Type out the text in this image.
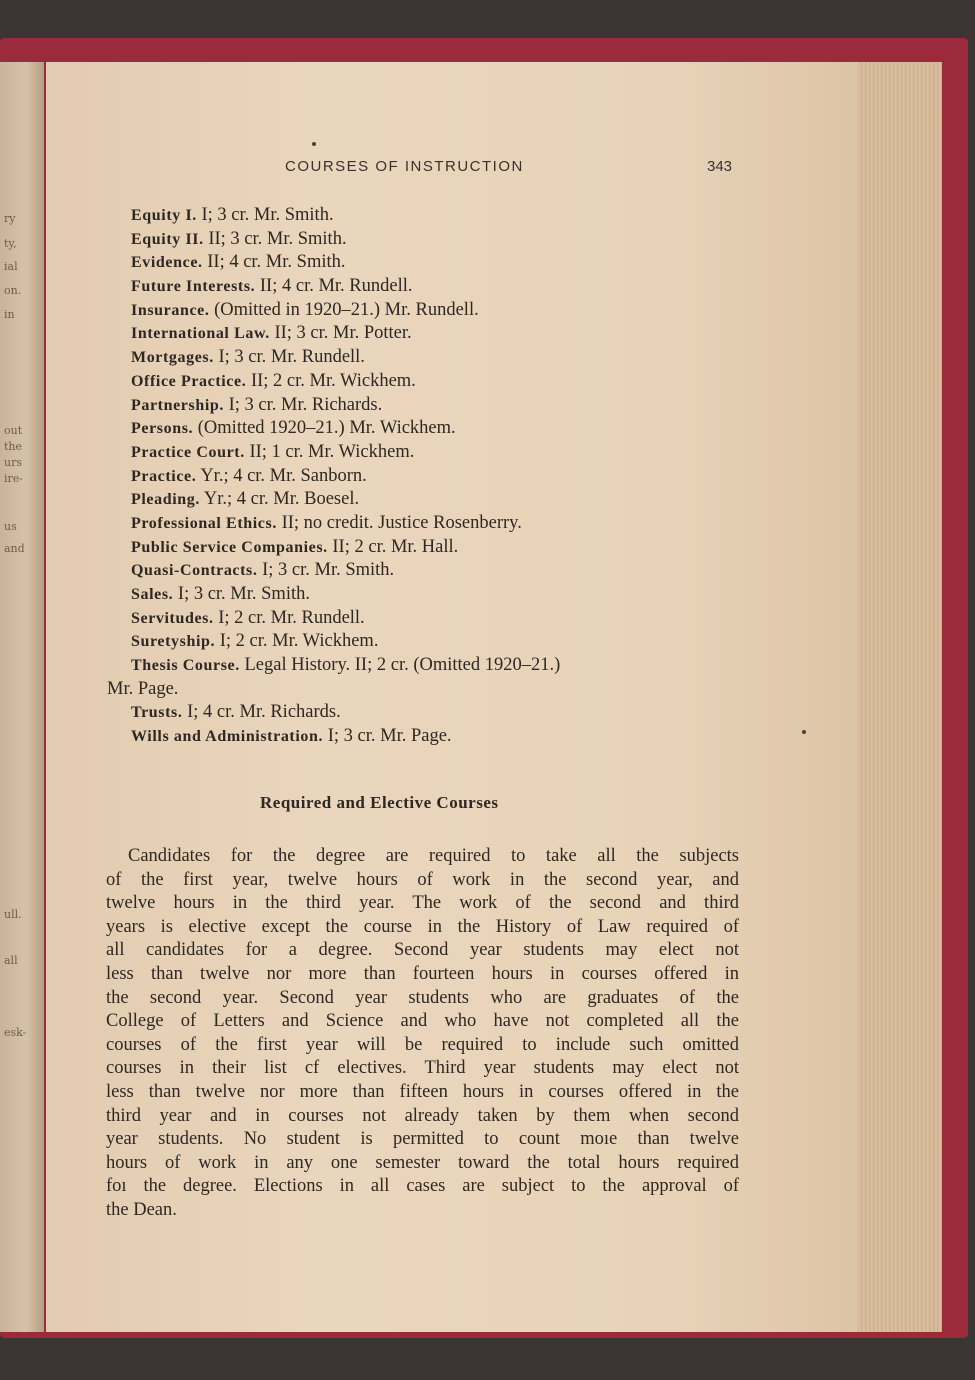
ry
ty,
ial
on.
in
out
the
urs
ire-
us
and
ull.
all
esk-
COURSES OF INSTRUCTION	343
Equity I. I; 3 cr. Mr. Smith.
Equity II. II; 3 cr. Mr. Smith.
Evidence. II; 4 cr. Mr. Smith.
Future Interests. II; 4 cr. Mr. Rundell.
Insurance. (Omitted in 1920–21.) Mr. Rundell.
International Law. II; 3 cr. Mr. Potter.
Mortgages. I; 3 cr. Mr. Rundell.
Office Practice. II; 2 cr. Mr. Wickhem.
Partnership. I; 3 cr. Mr. Richards.
Persons. (Omitted 1920–21.) Mr. Wickhem.
Practice Court. II; 1 cr. Mr. Wickhem.
Practice. Yr.; 4 cr. Mr. Sanborn.
Pleading. Yr.; 4 cr. Mr. Boesel.
Professional Ethics. II; no credit. Justice Rosenberry.
Public Service Companies. II; 2 cr. Mr. Hall.
Quasi-Contracts. I; 3 cr. Mr. Smith.
Sales. I; 3 cr. Mr. Smith.
Servitudes. I; 2 cr. Mr. Rundell.
Suretyship. I; 2 cr. Mr. Wickhem.
Thesis Course. Legal History. II; 2 cr. (Omitted 1920–21.)
Mr. Page.
Trusts. I; 4 cr. Mr. Richards.
Wills and Administration. I; 3 cr. Mr. Page.
Required and Elective Courses
Candidates for the degree are required to take all the subjects
of the first year, twelve hours of work in the second year, and
twelve hours in the third year. The work of the second and third
years is elective except the course in the History of Law required of
all candidates for a degree. Second year students may elect not
less than twelve nor more than fourteen hours in courses offered in
the second year. Second year students who are graduates of the
College of Letters and Science and who have not completed all the
courses of the first year will be required to include such omitted
courses in their list cf electives. Third year students may elect not
less than twelve nor more than fifteen hours in courses offered in the
third year and in courses not already taken by them when second
year students. No student is permitted to count moıe than twelve
hours of work in any one semester toward the total hours required
foı the degree. Elections in all cases are subject to the approval of
the Dean.
